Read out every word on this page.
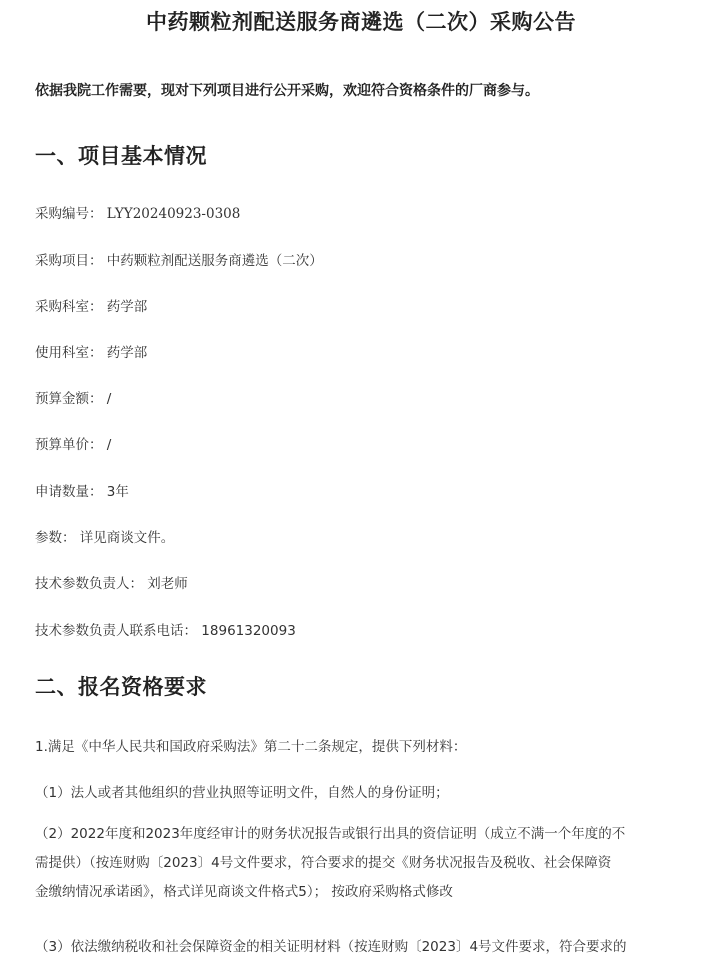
中药颗粒剂配送服务商遴选（二次）采购公告

依据我院工作需要，现对下列项目进行公开采购，欢迎符合资格条件的厂商参与。

一、项目基本情况
采购编号： LYY20240923-0308
采购项目： 中药颗粒剂配送服务商遴选（二次）
采购科室： 药学部
使用科室： 药学部
预算金额： /
预算单价： /
申请数量： 3年
参数： 详见商谈文件。
技术参数负责人： 刘老师
技术参数负责人联系电话： 18961320093
二、报名资格要求
1.满足《中华人民共和国政府采购法》第二十二条规定，提供下列材料：
（1）法人或者其他组织的营业执照等证明文件，自然人的身份证明；
（2）2022年度和2023年度经审计的财务状况报告或银行出具的资信证明（成立不满一个年度的不
需提供）（按连财购〔2023〕4号文件要求，符合要求的提交《财务状况报告及税收、社会保障资
金缴纳情况承诺函》，格式详见商谈文件格式5）； 按政府采购格式修改
（3）依法缴纳税收和社会保障资金的相关证明材料（按连财购〔2023〕4号文件要求，符合要求的
